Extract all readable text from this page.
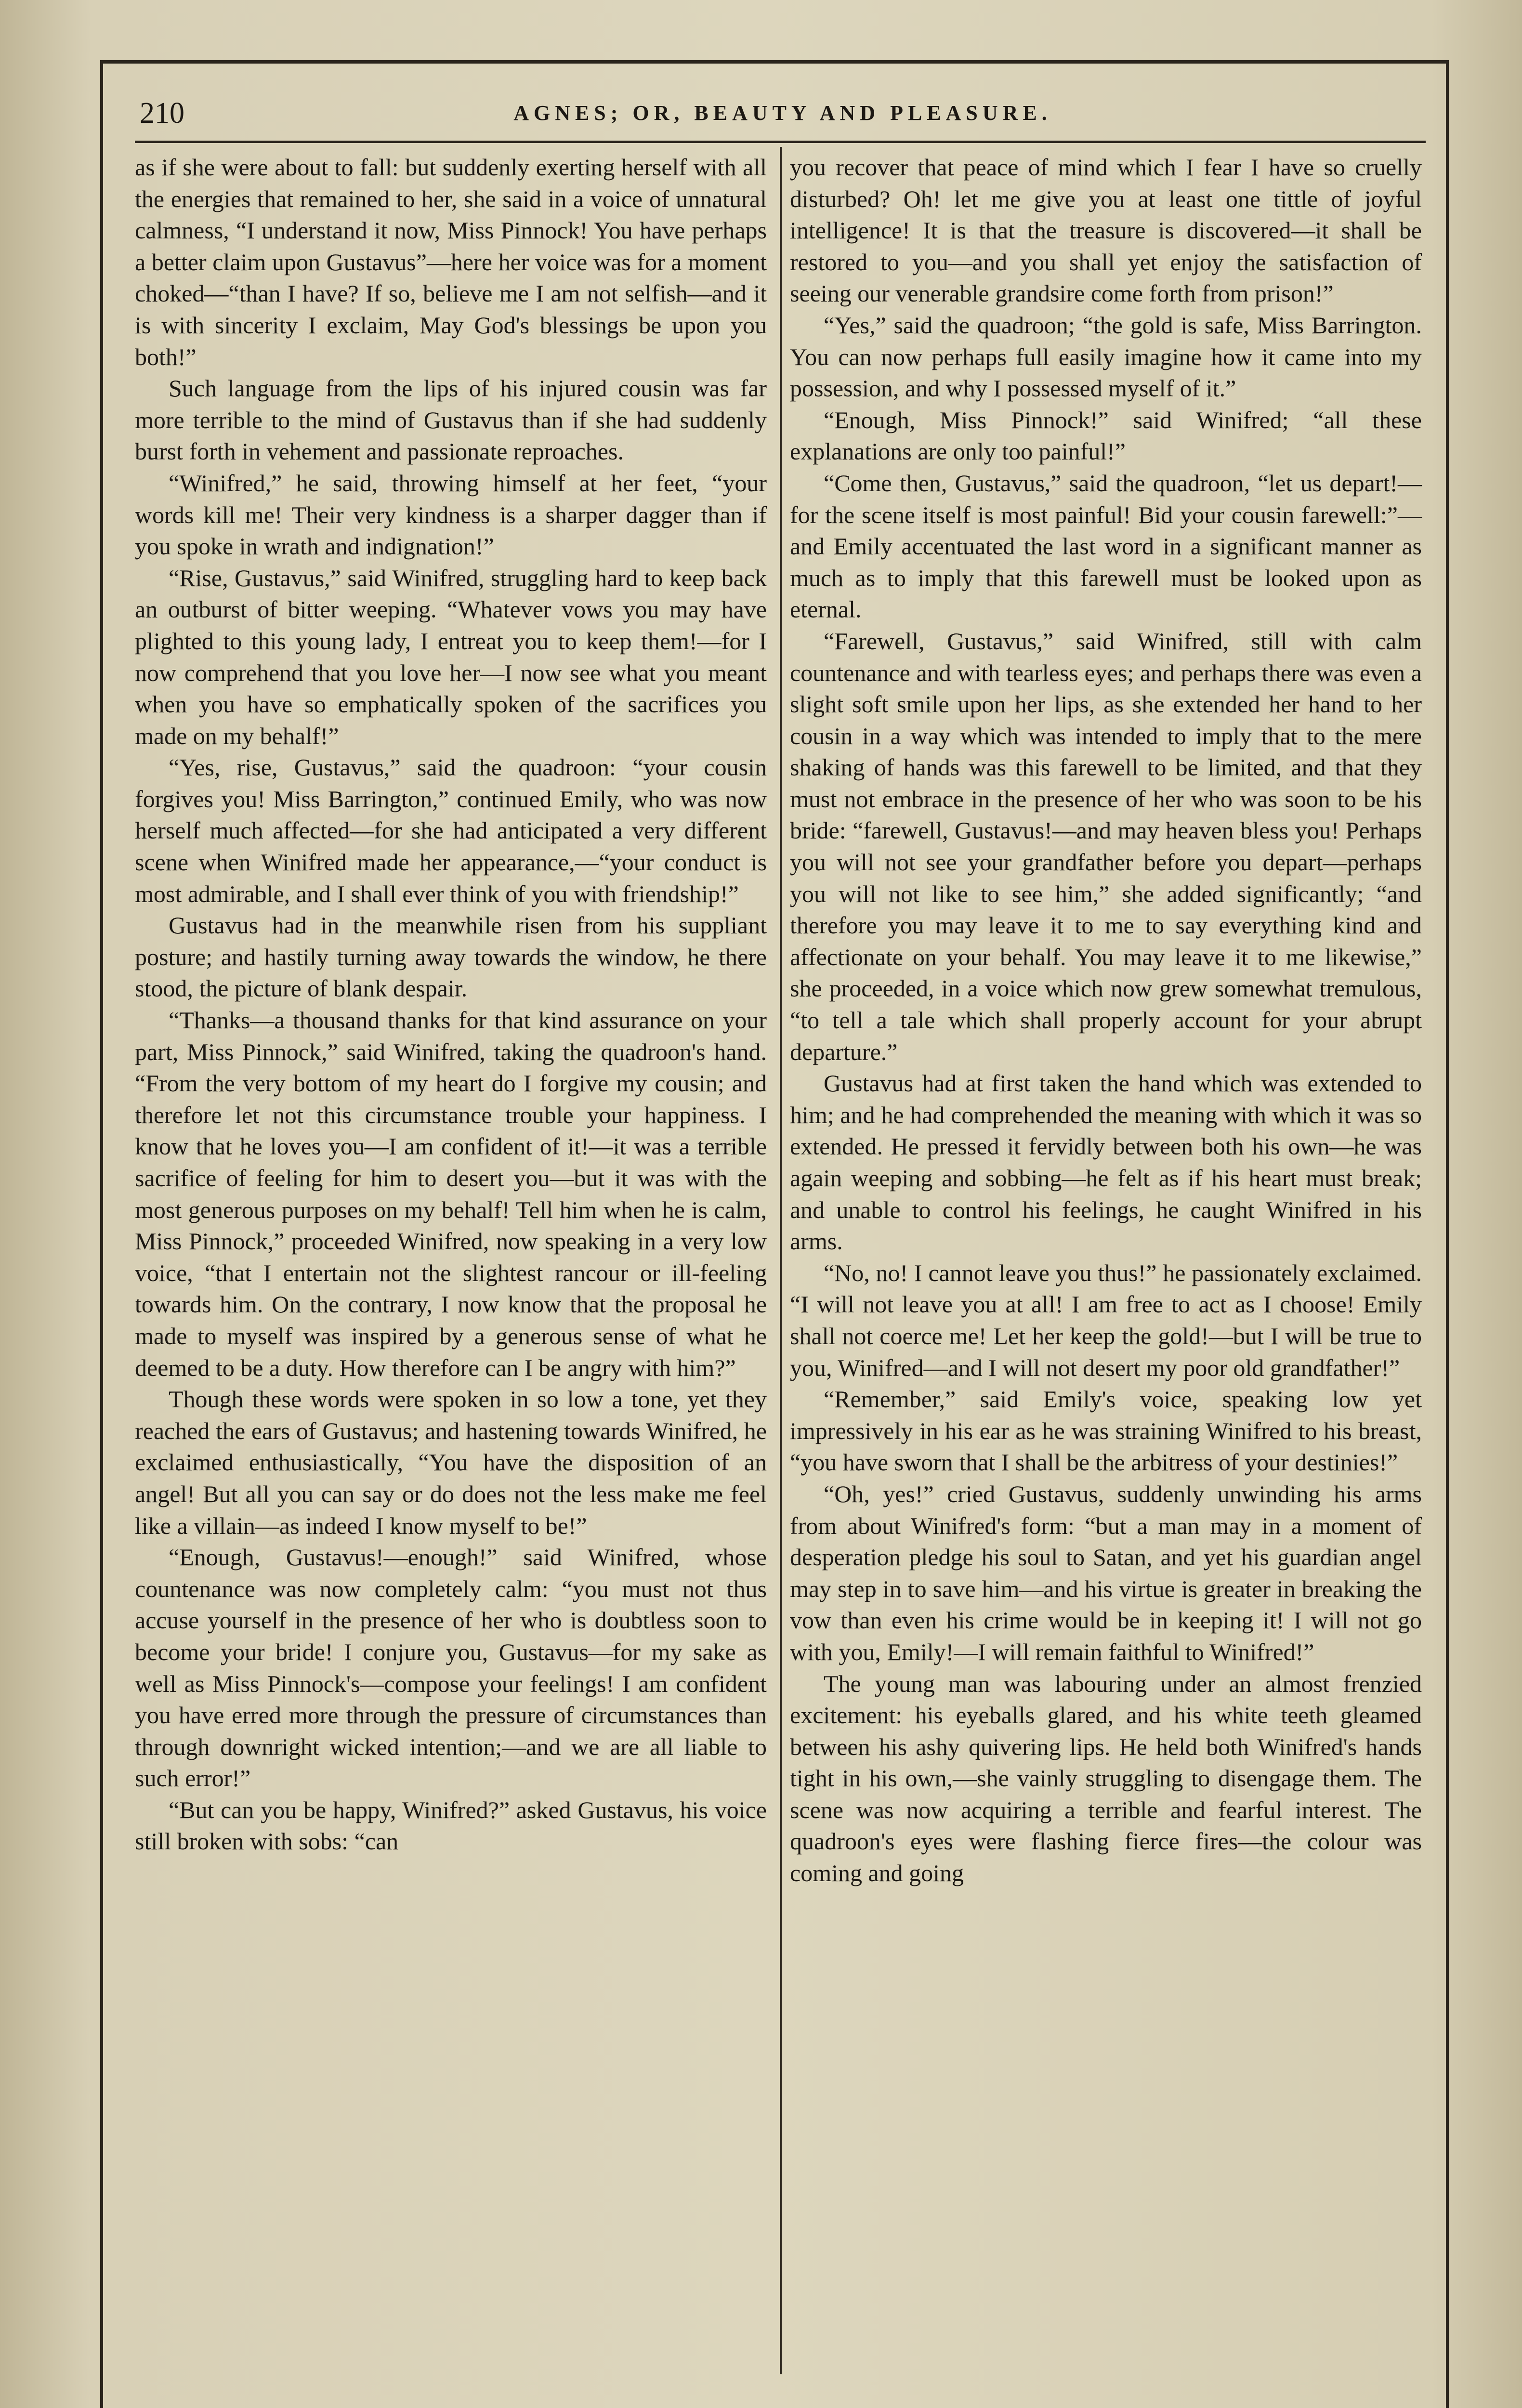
210	AGNES; OR, BEAUTY AND PLEASURE.

as if she were about to fall: but suddenly exerting herself with all the energies that remained to her, she said in a voice of unnatural calmness, “I understand it now, Miss Pinnock! You have perhaps a better claim upon Gustavus”—here her voice was for a moment choked—“than I have? If so, believe me I am not selfish—and it is with sincerity I exclaim, May God's blessings be upon you both!”

Such language from the lips of his injured cousin was far more terrible to the mind of Gustavus than if she had suddenly burst forth in vehement and passionate reproaches.

“Winifred,” he said, throwing himself at her feet, “your words kill me! Their very kindness is a sharper dagger than if you spoke in wrath and indignation!”

“Rise, Gustavus,” said Winifred, struggling hard to keep back an outburst of bitter weeping. “Whatever vows you may have plighted to this young lady, I entreat you to keep them!—for I now comprehend that you love her—I now see what you meant when you have so emphatically spoken of the sacrifices you made on my behalf!”

“Yes, rise, Gustavus,” said the quadroon: “your cousin forgives you! Miss Barrington,” continued Emily, who was now herself much affected—for she had anticipated a very different scene when Winifred made her appearance,—“your conduct is most admirable, and I shall ever think of you with friendship!”

Gustavus had in the meanwhile risen from his suppliant posture; and hastily turning away towards the window, he there stood, the picture of blank despair.

“Thanks—a thousand thanks for that kind assurance on your part, Miss Pinnock,” said Winifred, taking the quadroon's hand. “From the very bottom of my heart do I forgive my cousin; and therefore let not this circumstance trouble your happiness. I know that he loves you—I am confident of it!—it was a terrible sacrifice of feeling for him to desert you—but it was with the most generous purposes on my behalf! Tell him when he is calm, Miss Pinnock,” proceeded Winifred, now speaking in a very low voice, “that I entertain not the slightest rancour or ill-feeling towards him. On the contrary, I now know that the proposal he made to myself was inspired by a generous sense of what he deemed to be a duty. How therefore can I be angry with him?”

Though these words were spoken in so low a tone, yet they reached the ears of Gustavus; and hastening towards Winifred, he exclaimed enthusiastically, “You have the disposition of an angel! But all you can say or do does not the less make me feel like a villain—as indeed I know myself to be!”

“Enough, Gustavus!—enough!” said Winifred, whose countenance was now completely calm: “you must not thus accuse yourself in the presence of her who is doubtless soon to become your bride! I conjure you, Gustavus—for my sake as well as Miss Pinnock's—compose your feelings! I am confident you have erred more through the pressure of circumstances than through downright wicked intention;—and we are all liable to such error!”

“But can you be happy, Winifred?” asked Gustavus, his voice still broken with sobs: “can

you recover that peace of mind which I fear I have so cruelly disturbed? Oh! let me give you at least one tittle of joyful intelligence! It is that the treasure is discovered—it shall be restored to you—and you shall yet enjoy the satisfaction of seeing our venerable grandsire come forth from prison!”

“Yes,” said the quadroon; “the gold is safe, Miss Barrington. You can now perhaps full easily imagine how it came into my possession, and why I possessed myself of it.”

“Enough, Miss Pinnock!” said Winifred; “all these explanations are only too painful!”

“Come then, Gustavus,” said the quadroon, “let us depart!—for the scene itself is most painful! Bid your cousin farewell:”—and Emily accentuated the last word in a significant manner as much as to imply that this farewell must be looked upon as eternal.

“Farewell, Gustavus,” said Winifred, still with calm countenance and with tearless eyes; and perhaps there was even a slight soft smile upon her lips, as she extended her hand to her cousin in a way which was intended to imply that to the mere shaking of hands was this farewell to be limited, and that they must not embrace in the presence of her who was soon to be his bride: “farewell, Gustavus!—and may heaven bless you! Perhaps you will not see your grandfather before you depart—perhaps you will not like to see him,” she added significantly; “and therefore you may leave it to me to say everything kind and affectionate on your behalf. You may leave it to me likewise,” she proceeded, in a voice which now grew somewhat tremulous, “to tell a tale which shall properly account for your abrupt departure.”

Gustavus had at first taken the hand which was extended to him; and he had comprehended the meaning with which it was so extended. He pressed it fervidly between both his own—he was again weeping and sobbing—he felt as if his heart must break; and unable to control his feelings, he caught Winifred in his arms.

“No, no! I cannot leave you thus!” he passionately exclaimed. “I will not leave you at all! I am free to act as I choose! Emily shall not coerce me! Let her keep the gold!—but I will be true to you, Winifred—and I will not desert my poor old grandfather!”

“Remember,” said Emily's voice, speaking low yet impressively in his ear as he was straining Winifred to his breast, “you have sworn that I shall be the arbitress of your destinies!”

“Oh, yes!” cried Gustavus, suddenly unwinding his arms from about Winifred's form: “but a man may in a moment of desperation pledge his soul to Satan, and yet his guardian angel may step in to save him—and his virtue is greater in breaking the vow than even his crime would be in keeping it! I will not go with you, Emily!—I will remain faithful to Winifred!”

The young man was labouring under an almost frenzied excitement: his eyeballs glared, and his white teeth gleamed between his ashy quivering lips. He held both Winifred's hands tight in his own,—she vainly struggling to disengage them. The scene was now acquiring a terrible and fearful interest. The quadroon's eyes were flashing fierce fires—the colour was coming and going
